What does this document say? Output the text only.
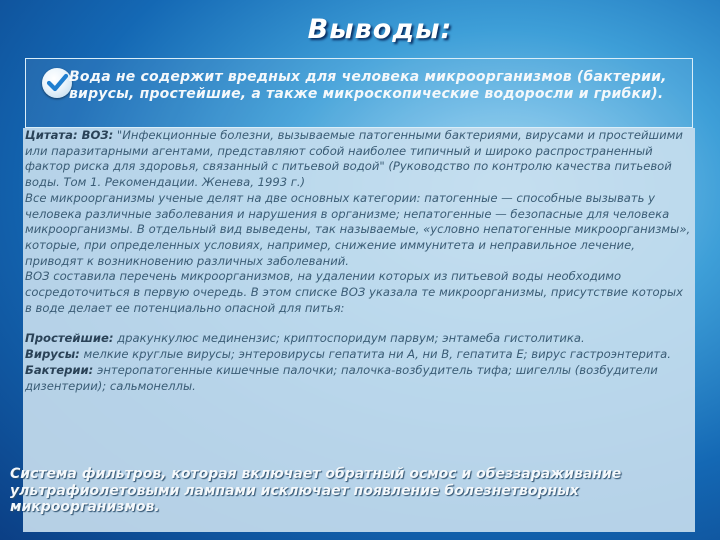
Выводы:
Вода не содержит вредных для человека микроорганизмов (бактерии, вирусы, простейшие, а также микроскопические водоросли и грибки).

Цитата: ВОЗ: "Инфекционные болезни, вызываемые патогенными бактериями, вирусами и простейшими или паразитарными агентами, представляют собой наиболее типичный и широко распространенный фактор риска для здоровья, связанный с питьевой водой" (Руководство по контролю качества питьевой воды. Том 1. Рекомендации. Женева, 1993 г.)

Все микроорганизмы ученые делят на две основных категории: патогенные — способные вызывать у человека различные заболевания и нарушения в организме; непатогенные — безопасные для человека микроорганизмы. В отдельный вид выведены, так называемые, «условно непатогенные микроорганизмы», которые, при определенных условиях, например, снижение иммунитета и неправильное лечение, приводят к возникновению различных заболеваний.

ВОЗ составила перечень микроорганизмов, на удалении которых из питьевой воды необходимо сосредоточиться в первую очередь. В этом списке ВОЗ указала те микроорганизмы, присутствие которых в воде делает ее потенциально опасной для питья:

Простейшие: дракункулюс мединензис; криптоспоридум парвум; энтамеба гистолитика.

Вирусы: мелкие круглые вирусы; энтеровирусы гепатита ни А, ни В, гепатита Е; вирус гастроэнтерита.

Бактерии: энтеропатогенные кишечные палочки; палочка-возбудитель тифа; шигеллы (возбудители дизентерии); сальмонеллы.

Система фильтров, которая включает обратный осмос и обеззараживание ультрафиолетовыми лампами исключает появление болезнетворных микроорганизмов.
